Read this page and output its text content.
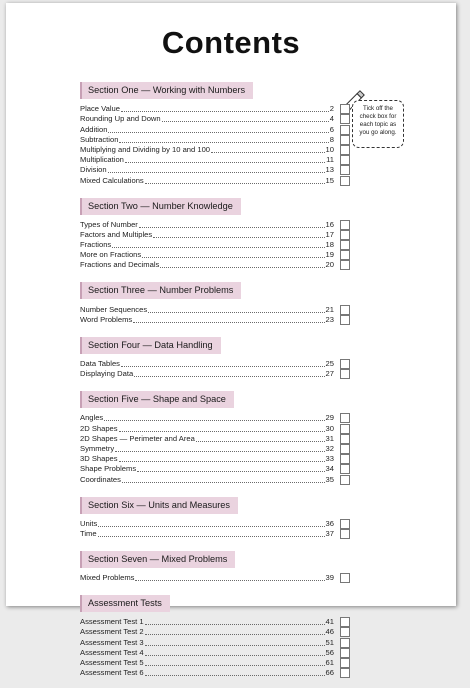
Contents
Tick off the check box for each topic as you go along.
Section One — Working with Numbers
Place Value	2
Rounding Up and Down	4
Addition	6
Subtraction	8
Multiplying and Dividing by 10 and 100	10
Multiplication	11
Division	13
Mixed Calculations	15
Section Two — Number Knowledge
Types of Number	16
Factors and Multiples	17
Fractions	18
More on Fractions	19
Fractions and Decimals	20
Section Three — Number Problems
Number Sequences	21
Word Problems	23
Section Four — Data Handling
Data Tables	25
Displaying Data	27
Section Five — Shape and Space
Angles	29
2D Shapes	30
2D Shapes — Perimeter and Area	31
Symmetry	32
3D Shapes	33
Shape Problems	34
Coordinates	35
Section Six — Units and Measures
Units	36
Time	37
Section Seven — Mixed Problems
Mixed Problems	39
Assessment Tests
Assessment Test 1	41
Assessment Test 2	46
Assessment Test 3	51
Assessment Test 4	56
Assessment Test 5	61
Assessment Test 6	66
